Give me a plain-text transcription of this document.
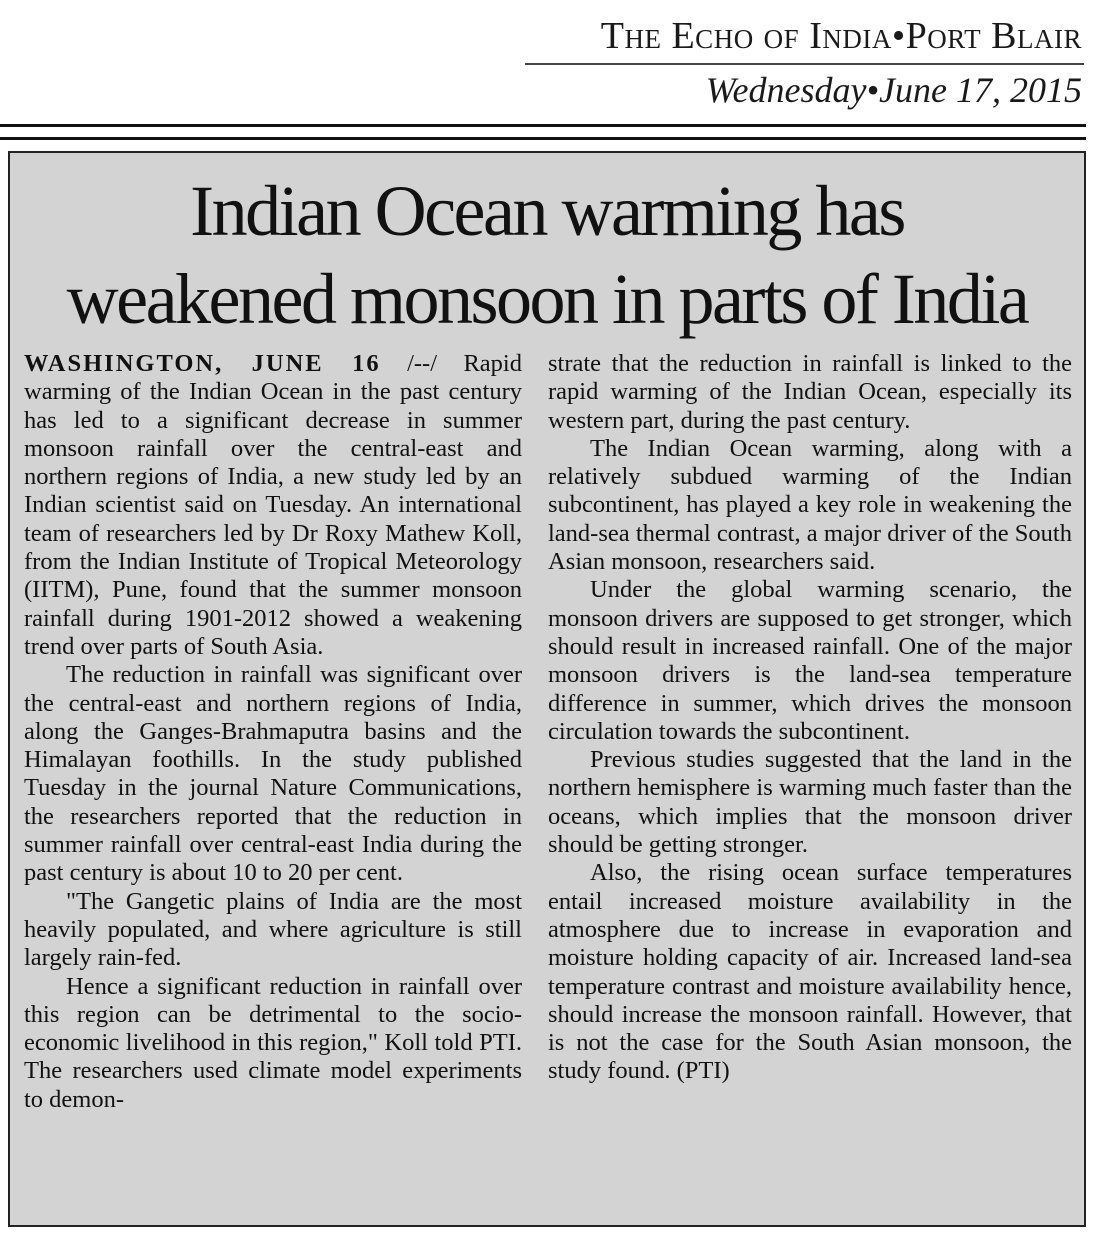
The Echo of India•Port Blair
Wednesday•June 17, 2015
Indian Ocean warming has
weakened monsoon in parts of India

WASHINGTON, JUNE 16 /--/ Rapid warming of the Indian Ocean in the past century has led to a significant decrease in summer monsoon rainfall over the central-east and northern regions of India, a new study led by an Indian scientist said on Tuesday. An international team of researchers led by Dr Roxy Mathew Koll, from the Indian Institute of Tropical Meteorology (IITM), Pune, found that the summer monsoon rainfall during 1901-2012 showed a weakening trend over parts of South Asia.

The reduction in rainfall was significant over the central-east and northern regions of India, along the Ganges-Brahmaputra basins and the Himalayan foothills. In the study published Tuesday in the journal Nature Communications, the researchers reported that the reduction in summer rainfall over central-east India during the past century is about 10 to 20 per cent.

"The Gangetic plains of India are the most heavily populated, and where agriculture is still largely rain-fed.

Hence a significant reduction in rainfall over this region can be detrimental to the socio-economic livelihood in this region," Koll told PTI. The researchers used climate model experiments to demon-

strate that the reduction in rainfall is linked to the rapid warming of the Indian Ocean, especially its western part, during the past century.

The Indian Ocean warming, along with a relatively subdued warming of the Indian subcontinent, has played a key role in weakening the land-sea thermal contrast, a major driver of the South Asian monsoon, researchers said.

Under the global warming scenario, the monsoon drivers are supposed to get stronger, which should result in increased rainfall. One of the major monsoon drivers is the land-sea temperature difference in summer, which drives the monsoon circulation towards the subcontinent.

Previous studies suggested that the land in the northern hemisphere is warming much faster than the oceans, which implies that the monsoon driver should be getting stronger.

Also, the rising ocean surface temperatures entail increased moisture availability in the atmosphere due to increase in evaporation and moisture holding capacity of air. Increased land-sea temperature contrast and moisture availability hence, should increase the monsoon rainfall. However, that is not the case for the South Asian monsoon, the study found. (PTI)
